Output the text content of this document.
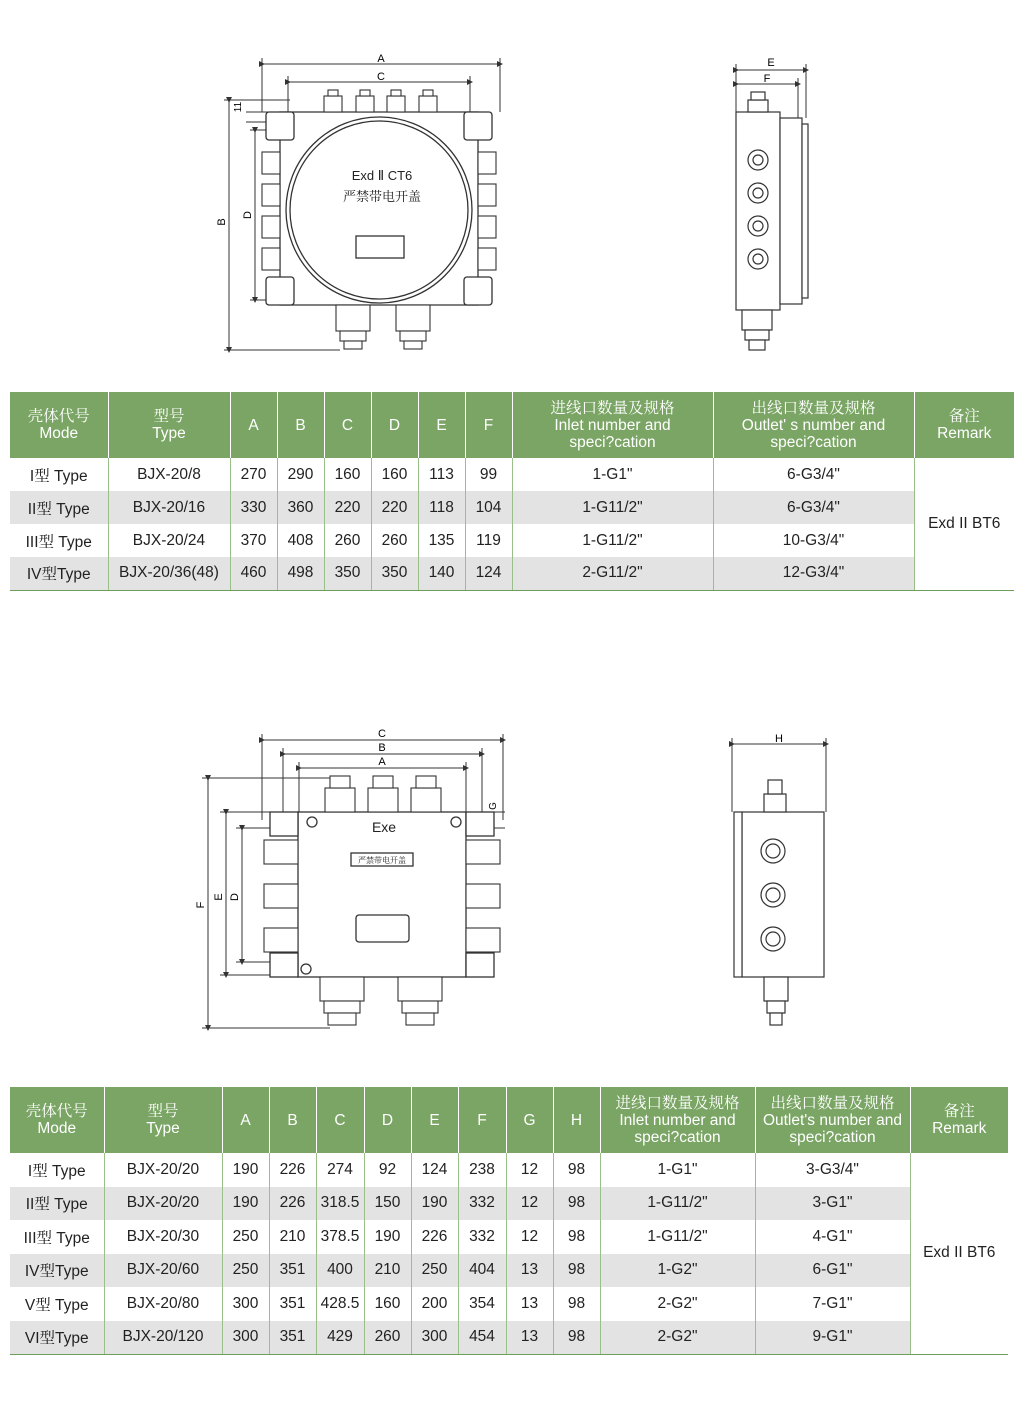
A
C
B
D
11
Exd Ⅱ CT6
严禁带电开盖
E
F
壳体代号
Mode	型号
Type	A	B	C	D	E	F	进线口数量及规格
Inlet number and
speci?cation	出线口数量及规格
Outlet' s number and
speci?cation	备注
Remark

I型 Type	BJX-20/8	270	290	160	160	113	99	1-G1"	6-G3/4"	Exd II BT6
II型 Type	BJX-20/16	330	360	220	220	118	104	1-G11/2"	6-G3/4"	
III型 Type	BJX-20/24	370	408	260	260	135	119	1-G11/2"	10-G3/4"	
IV型Type	BJX-20/36(48)	460	498	350	350	140	124	2-G11/2"	12-G3/4"	
C
B
A
F
E D
G
H
Exe
严禁带电开盖
壳体代号
Mode	型号
Type	A	B	C	D	E	F	G	H	进线口数量及规格
Inlet number and
speci?cation	出线口数量及规格
Outlet's number and
speci?cation	备注
Remark

I型 Type	BJX-20/20	190	226	274	92	124	238	12	98	1-G1"	3-G3/4"	Exd II BT6
II型 Type	BJX-20/20	190	226	318.5	150	190	332	12	98	1-G11/2"	3-G1"	
III型 Type	BJX-20/30	250	210	378.5	190	226	332	12	98	1-G11/2"	4-G1"	
IV型Type	BJX-20/60	250	351	400	210	250	404	13	98	1-G2"	6-G1"	
V型 Type	BJX-20/80	300	351	428.5	160	200	354	13	98	2-G2"	7-G1"	
VI型Type	BJX-20/120	300	351	429	260	300	454	13	98	2-G2"	9-G1"	
